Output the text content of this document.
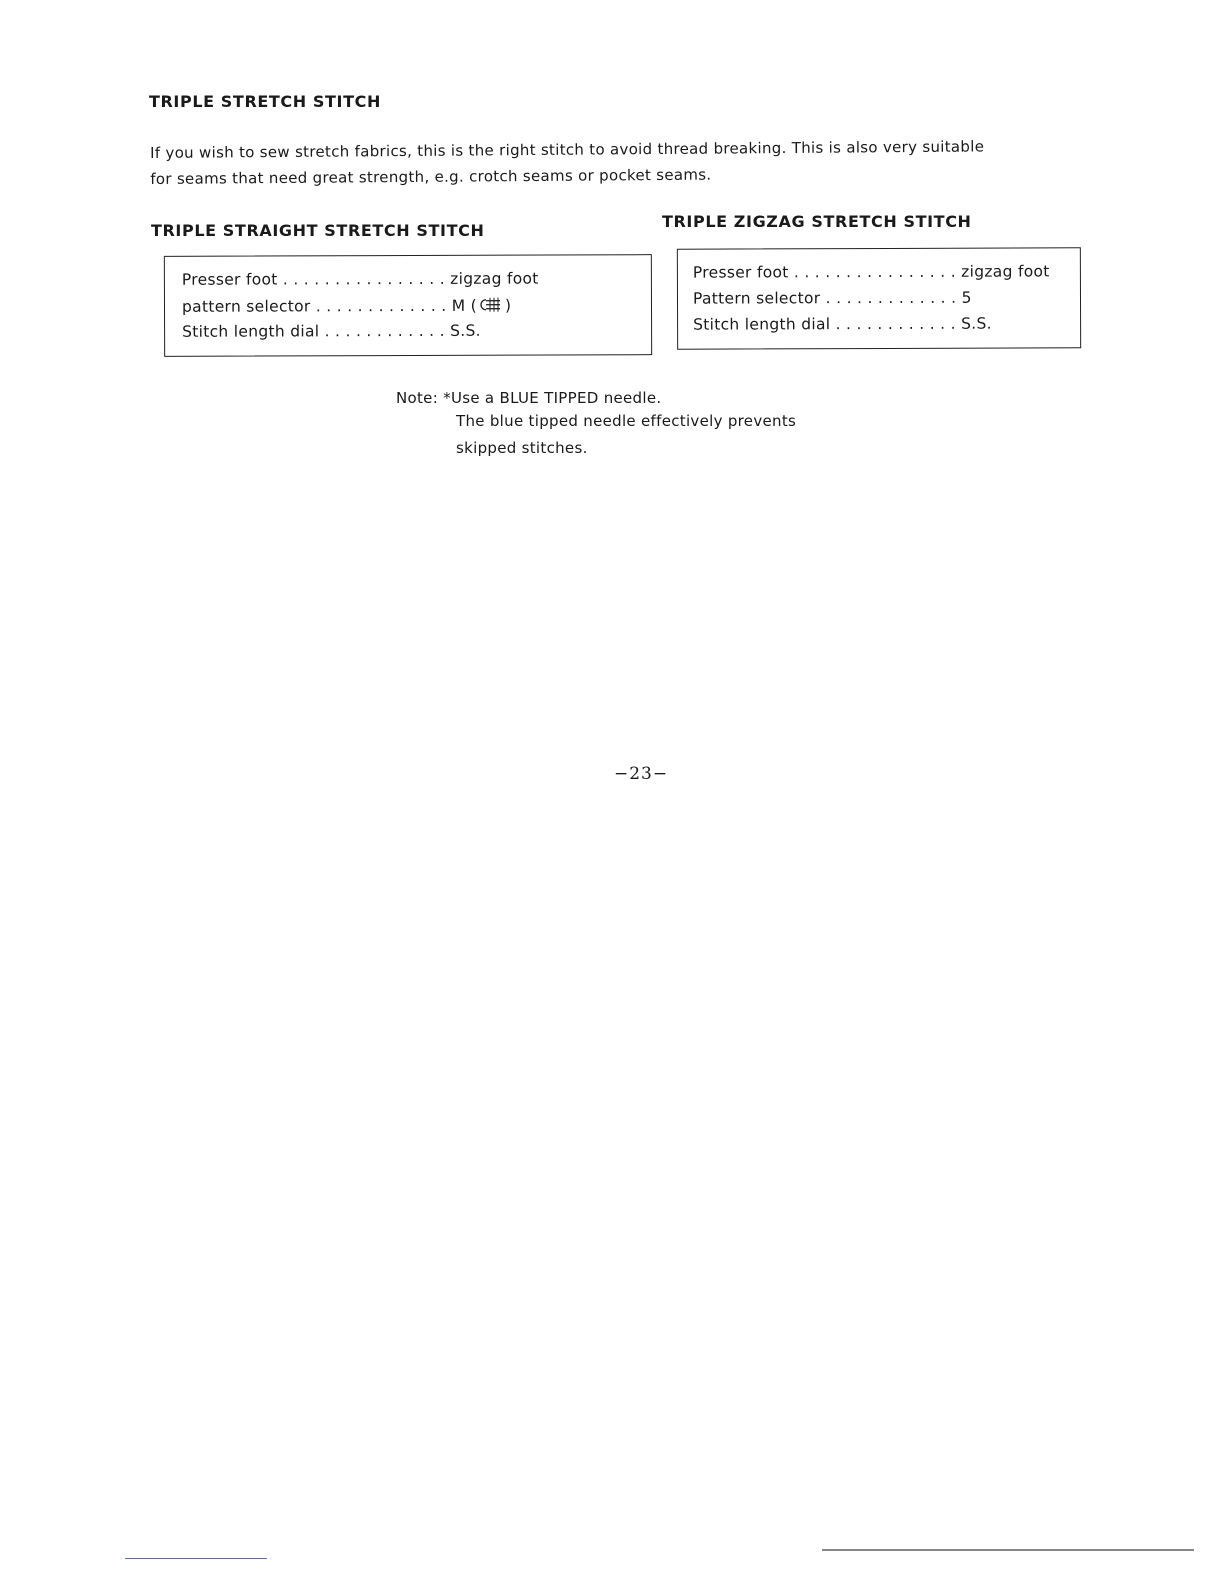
TRIPLE STRETCH STITCH
If you wish to sew stretch fabrics, this is the right stitch to avoid thread breaking. This is also very suitable
for seams that need great strength, e.g. crotch seams or pocket seams.
TRIPLE STRAIGHT STRETCH STITCH
Presser foot . . . . . . . . . . . . . . . . zigzag foot
pattern selector . . . . . . . . . . . . . M ( )
Stitch length dial . . . . . . . . . . . . S.S.
TRIPLE ZIGZAG STRETCH STITCH
Presser foot . . . . . . . . . . . . . . . . zigzag foot
Pattern selector . . . . . . . . . . . . . 5
Stitch length dial . . . . . . . . . . . . S.S.
Note: *Use a BLUE TIPPED needle.
The blue tipped needle effectively prevents
skipped stitches.
−23−
